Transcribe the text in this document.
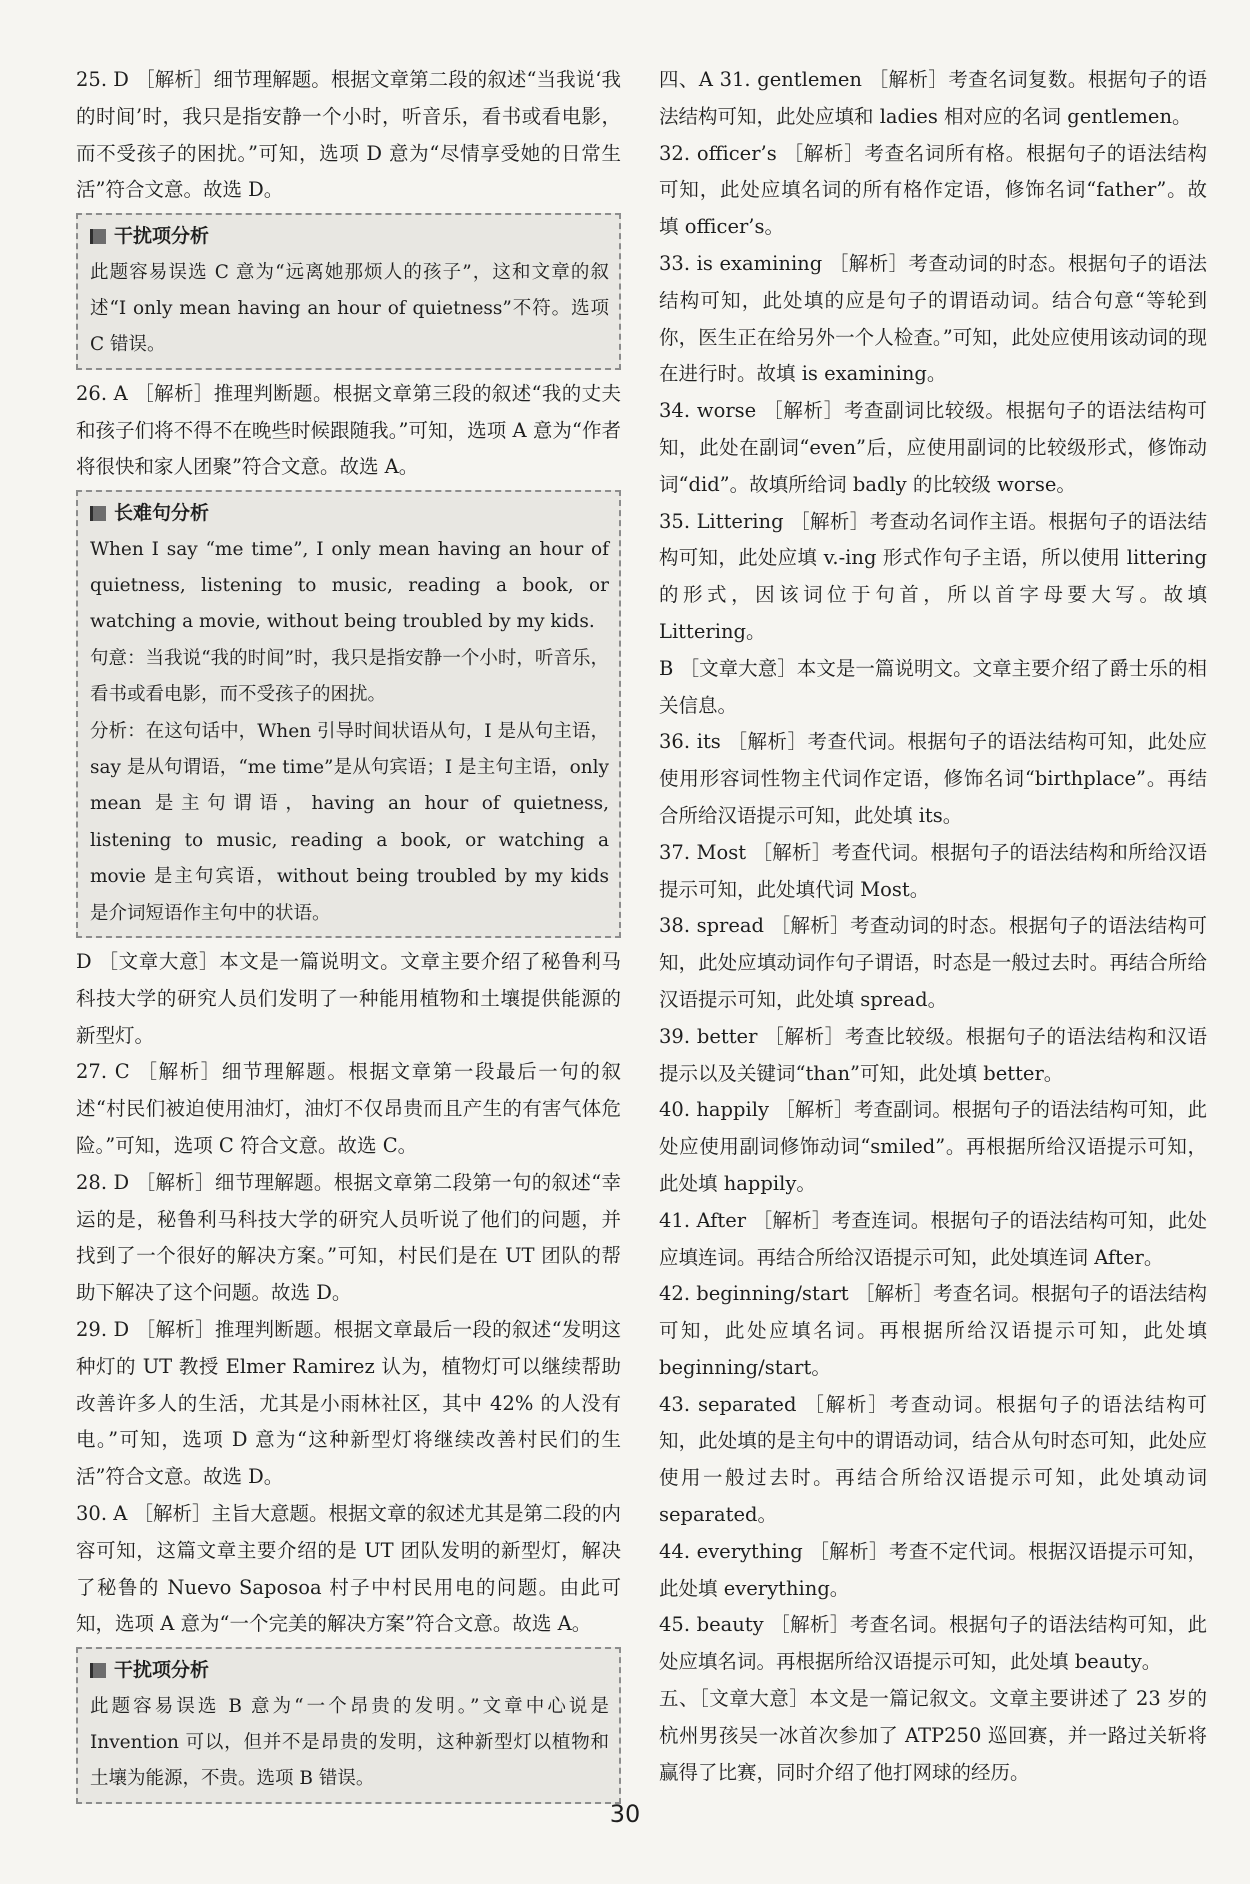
25. D ［解析］细节理解题。根据文章第二段的叙述“当我说‘我的时间’时，我只是指安静一个小时，听音乐，看书或看电影，而不受孩子的困扰。”可知，选项 D 意为“尽情享受她的日常生活”符合文意。故选 D。

干扰项分析
此题容易误选 C 意为“远离她那烦人的孩子”，这和文章的叙述“I only mean having an hour of quietness”不符。选项 C 错误。

26. A ［解析］推理判断题。根据文章第三段的叙述“我的丈夫和孩子们将不得不在晚些时候跟随我。”可知，选项 A 意为“作者将很快和家人团聚”符合文意。故选 A。

长难句分析
When I say “me time”, I only mean having an hour of quietness, listening to music, reading a book, or watching a movie, without being troubled by my kids.
句意：当我说“我的时间”时，我只是指安静一个小时，听音乐，看书或看电影，而不受孩子的困扰。
分析：在这句话中，When 引导时间状语从句，I 是从句主语，say 是从句谓语，“me time”是从句宾语；I 是主句主语，only mean 是主句谓语，having an hour of quietness, listening to music, reading a book, or watching a movie 是主句宾语，without being troubled by my kids 是介词短语作主句中的状语。

D ［文章大意］本文是一篇说明文。文章主要介绍了秘鲁利马科技大学的研究人员们发明了一种能用植物和土壤提供能源的新型灯。

27. C ［解析］细节理解题。根据文章第一段最后一句的叙述“村民们被迫使用油灯，油灯不仅昂贵而且产生的有害气体危险。”可知，选项 C 符合文意。故选 C。

28. D ［解析］细节理解题。根据文章第二段第一句的叙述“幸运的是，秘鲁利马科技大学的研究人员听说了他们的问题，并找到了一个很好的解决方案。”可知，村民们是在 UT 团队的帮助下解决了这个问题。故选 D。

29. D ［解析］推理判断题。根据文章最后一段的叙述“发明这种灯的 UT 教授 Elmer Ramirez 认为，植物灯可以继续帮助改善许多人的生活，尤其是小雨林社区，其中 42% 的人没有电。”可知，选项 D 意为“这种新型灯将继续改善村民们的生活”符合文意。故选 D。

30. A ［解析］主旨大意题。根据文章的叙述尤其是第二段的内容可知，这篇文章主要介绍的是 UT 团队发明的新型灯，解决了秘鲁的 Nuevo Saposoa 村子中村民用电的问题。由此可知，选项 A 意为“一个完美的解决方案”符合文意。故选 A。

干扰项分析
此题容易误选 B 意为“一个昂贵的发明。”文章中心说是 Invention 可以，但并不是昂贵的发明，这种新型灯以植物和土壤为能源，不贵。选项 B 错误。

四、A 31. gentlemen ［解析］考查名词复数。根据句子的语法结构可知，此处应填和 ladies 相对应的名词 gentlemen。

32. officer’s ［解析］考查名词所有格。根据句子的语法结构可知，此处应填名词的所有格作定语，修饰名词“father”。故填 officer’s。

33. is examining ［解析］考查动词的时态。根据句子的语法结构可知，此处填的应是句子的谓语动词。结合句意“等轮到你，医生正在给另外一个人检查。”可知，此处应使用该动词的现在进行时。故填 is examining。

34. worse ［解析］考查副词比较级。根据句子的语法结构可知，此处在副词“even”后，应使用副词的比较级形式，修饰动词“did”。故填所给词 badly 的比较级 worse。

35. Littering ［解析］考查动名词作主语。根据句子的语法结构可知，此处应填 v.-ing 形式作句子主语，所以使用 littering 的形式，因该词位于句首，所以首字母要大写。故填 Littering。

B ［文章大意］本文是一篇说明文。文章主要介绍了爵士乐的相关信息。

36. its ［解析］考查代词。根据句子的语法结构可知，此处应使用形容词性物主代词作定语，修饰名词“birthplace”。再结合所给汉语提示可知，此处填 its。

37. Most ［解析］考查代词。根据句子的语法结构和所给汉语提示可知，此处填代词 Most。

38. spread ［解析］考查动词的时态。根据句子的语法结构可知，此处应填动词作句子谓语，时态是一般过去时。再结合所给汉语提示可知，此处填 spread。

39. better ［解析］考查比较级。根据句子的语法结构和汉语提示以及关键词“than”可知，此处填 better。

40. happily ［解析］考查副词。根据句子的语法结构可知，此处应使用副词修饰动词“smiled”。再根据所给汉语提示可知，此处填 happily。

41. After ［解析］考查连词。根据句子的语法结构可知，此处应填连词。再结合所给汉语提示可知，此处填连词 After。

42. beginning/start ［解析］考查名词。根据句子的语法结构可知，此处应填名词。再根据所给汉语提示可知，此处填 beginning/start。

43. separated ［解析］考查动词。根据句子的语法结构可知，此处填的是主句中的谓语动词，结合从句时态可知，此处应使用一般过去时。再结合所给汉语提示可知，此处填动词 separated。

44. everything ［解析］考查不定代词。根据汉语提示可知，此处填 everything。

45. beauty ［解析］考查名词。根据句子的语法结构可知，此处应填名词。再根据所给汉语提示可知，此处填 beauty。

五、［文章大意］本文是一篇记叙文。文章主要讲述了 23 岁的杭州男孩吴一冰首次参加了 ATP250 巡回赛，并一路过关斩将赢得了比赛，同时介绍了他打网球的经历。

30
